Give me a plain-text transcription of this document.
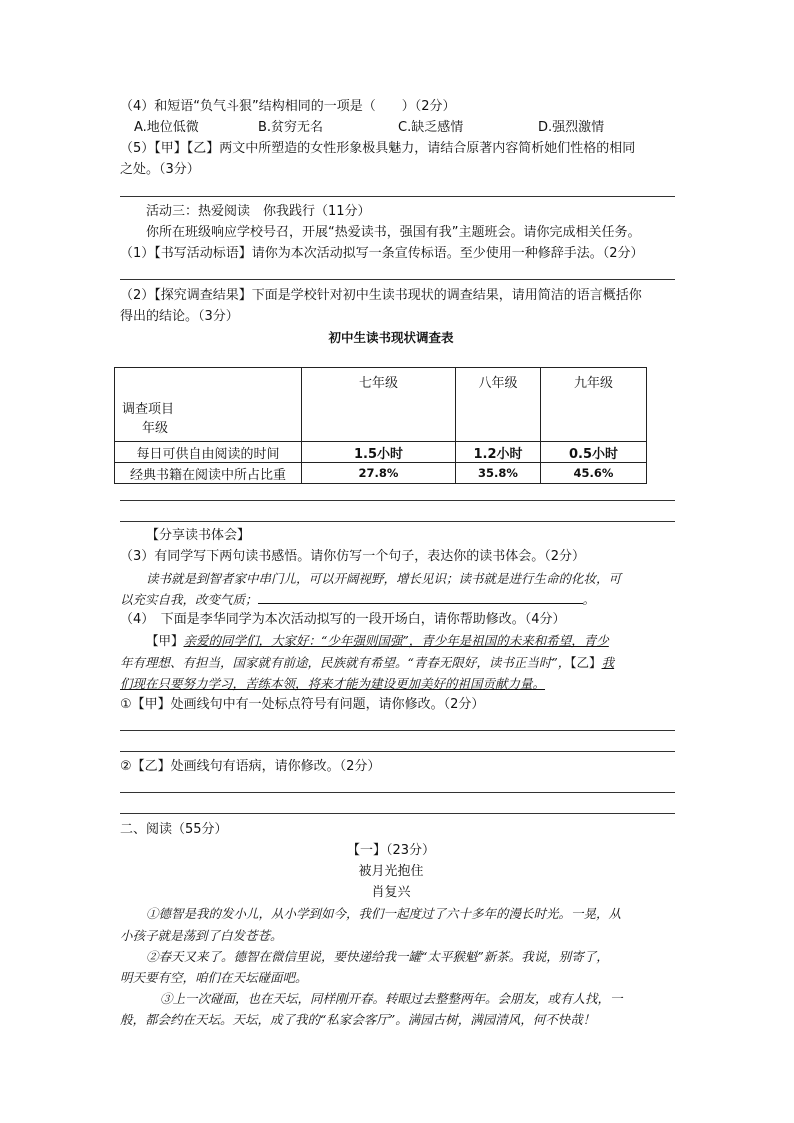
（4）和短语“负气斗狠”结构相同的一项是（　　）（2分）
A.地位低微	B.贫穷无名	C.缺乏感情	D.强烈激情
（5）【甲】【乙】两文中所塑造的女性形象极具魅力，请结合原著内容简析她们性格的相同
之处。（3分）
活动三：热爱阅读　你我践行（11分）
你所在班级响应学校号召，开展“热爱读书，强国有我”主题班会。请你完成相关任务。
（1）【书写活动标语】请你为本次活动拟写一条宣传标语。至少使用一种修辞手法。（2分）
（2）【探究调查结果】下面是学校针对初中生读书现状的调查结果，请用简洁的语言概括你
得出的结论。（3分）
初中生读书现状调查表
调查项目
年级	七年级	八年级	九年级
每日可供自由阅读的时间	1.5小时	1.2小时	0.5小时
经典书籍在阅读中所占比重	27.8%	35.8%	45.6%
【分享读书体会】
（3）有同学写下两句读书感悟。请你仿写一个句子，表达你的读书体会。（2分）
读书就是到智者家中串门儿，可以开阔视野，增长见识；读书就是进行生命的化妆，可
以充实自我，改变气质；	。
（4）　下面是李华同学为本次活动拟写的一段开场白，请你帮助修改。（4分）
【甲】亲爱的同学们，大家好：“少年强则国强”，青少年是祖国的未来和希望，青少
年有理想、有担当，国家就有前途，民族就有希望。“青春无限好，读书正当时”，【乙】我
们现在只要努力学习，苦练本领，将来才能为建设更加美好的祖国贡献力量。
①【甲】处画线句中有一处标点符号有问题，请你修改。（2分）
②【乙】处画线句有语病，请你修改。（2分）
二、阅读（55分）
【一】（23分）
被月光抱住
肖复兴
①德智是我的发小儿，从小学到如今，我们一起度过了六十多年的漫长时光。一晃，从
小孩子就是荡到了白发苍苍。
②春天又来了。德智在微信里说，要快递给我一罐“太平猴魁”新茶。我说，别寄了，
明天要有空，咱们在天坛碰面吧。
③上一次碰面，也在天坛，同样刚开春。转眼过去整整两年。会朋友，或有人找，一
般，都会约在天坛。天坛，成了我的“私家会客厅”。满园古树，满园清风，何不快哉！
